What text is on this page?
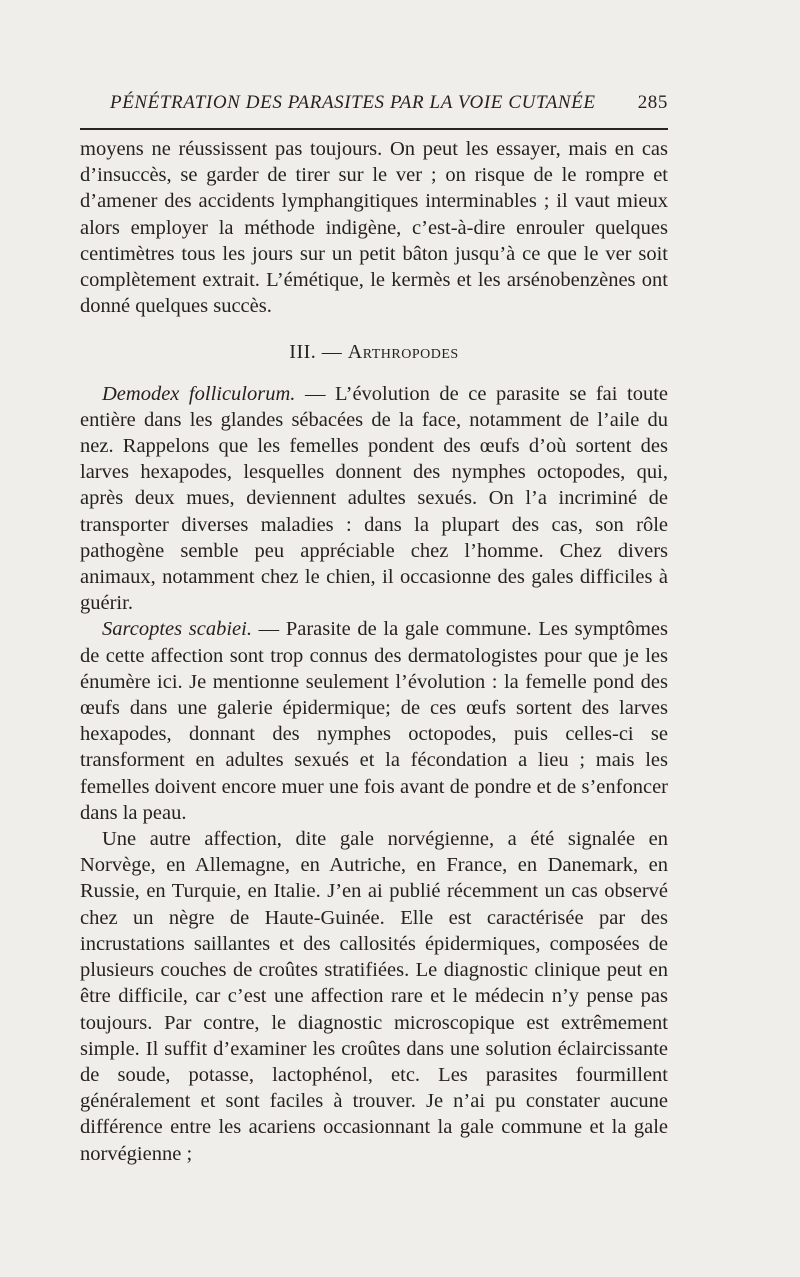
PÉNÉTRATION DES PARASITES PAR LA VOIE CUTANÉE 285

moyens ne réussissent pas toujours. On peut les essayer, mais en cas d’insuccès, se garder de tirer sur le ver ; on risque de le rompre et d’amener des accidents lymphangitiques interminables ; il vaut mieux alors employer la méthode indigène, c’est-à-dire enrouler quelques centimètres tous les jours sur un petit bâton jusqu’à ce que le ver soit complètement extrait. L’émétique, le kermès et les arsénobenzènes ont donné quelques succès.

III. — Arthropodes

Demodex folliculorum. — L’évolution de ce parasite se fai toute entière dans les glandes sébacées de la face, notamment de l’aile du nez. Rappelons que les femelles pondent des œufs d’où sortent des larves hexapodes, lesquelles donnent des nymphes octopodes, qui, après deux mues, deviennent adultes sexués. On l’a incriminé de transporter diverses maladies : dans la plupart des cas, son rôle pathogène semble peu appréciable chez l’homme. Chez divers animaux, notamment chez le chien, il occasionne des gales difficiles à guérir.

Sarcoptes scabiei. — Parasite de la gale commune. Les symptômes de cette affection sont trop connus des dermatologistes pour que je les énumère ici. Je mentionne seulement l’évolution : la femelle pond des œufs dans une galerie épidermique; de ces œufs sortent des larves hexapodes, donnant des nymphes octopodes, puis celles-ci se transforment en adultes sexués et la fécondation a lieu ; mais les femelles doivent encore muer une fois avant de pondre et de s’enfoncer dans la peau.

Une autre affection, dite gale norvégienne, a été signalée en Norvège, en Allemagne, en Autriche, en France, en Danemark, en Russie, en Turquie, en Italie. J’en ai publié récemment un cas observé chez un nègre de Haute-Guinée. Elle est caractérisée par des incrustations saillantes et des callosités épidermiques, composées de plusieurs couches de croûtes stratifiées. Le diagnostic clinique peut en être difficile, car c’est une affection rare et le médecin n’y pense pas toujours. Par contre, le diagnostic microscopique est extrêmement simple. Il suffit d’examiner les croûtes dans une solution éclaircissante de soude, potasse, lactophénol, etc. Les parasites fourmillent généralement et sont faciles à trouver. Je n’ai pu constater aucune différence entre les acariens occasionnant la gale commune et la gale norvégienne ;
